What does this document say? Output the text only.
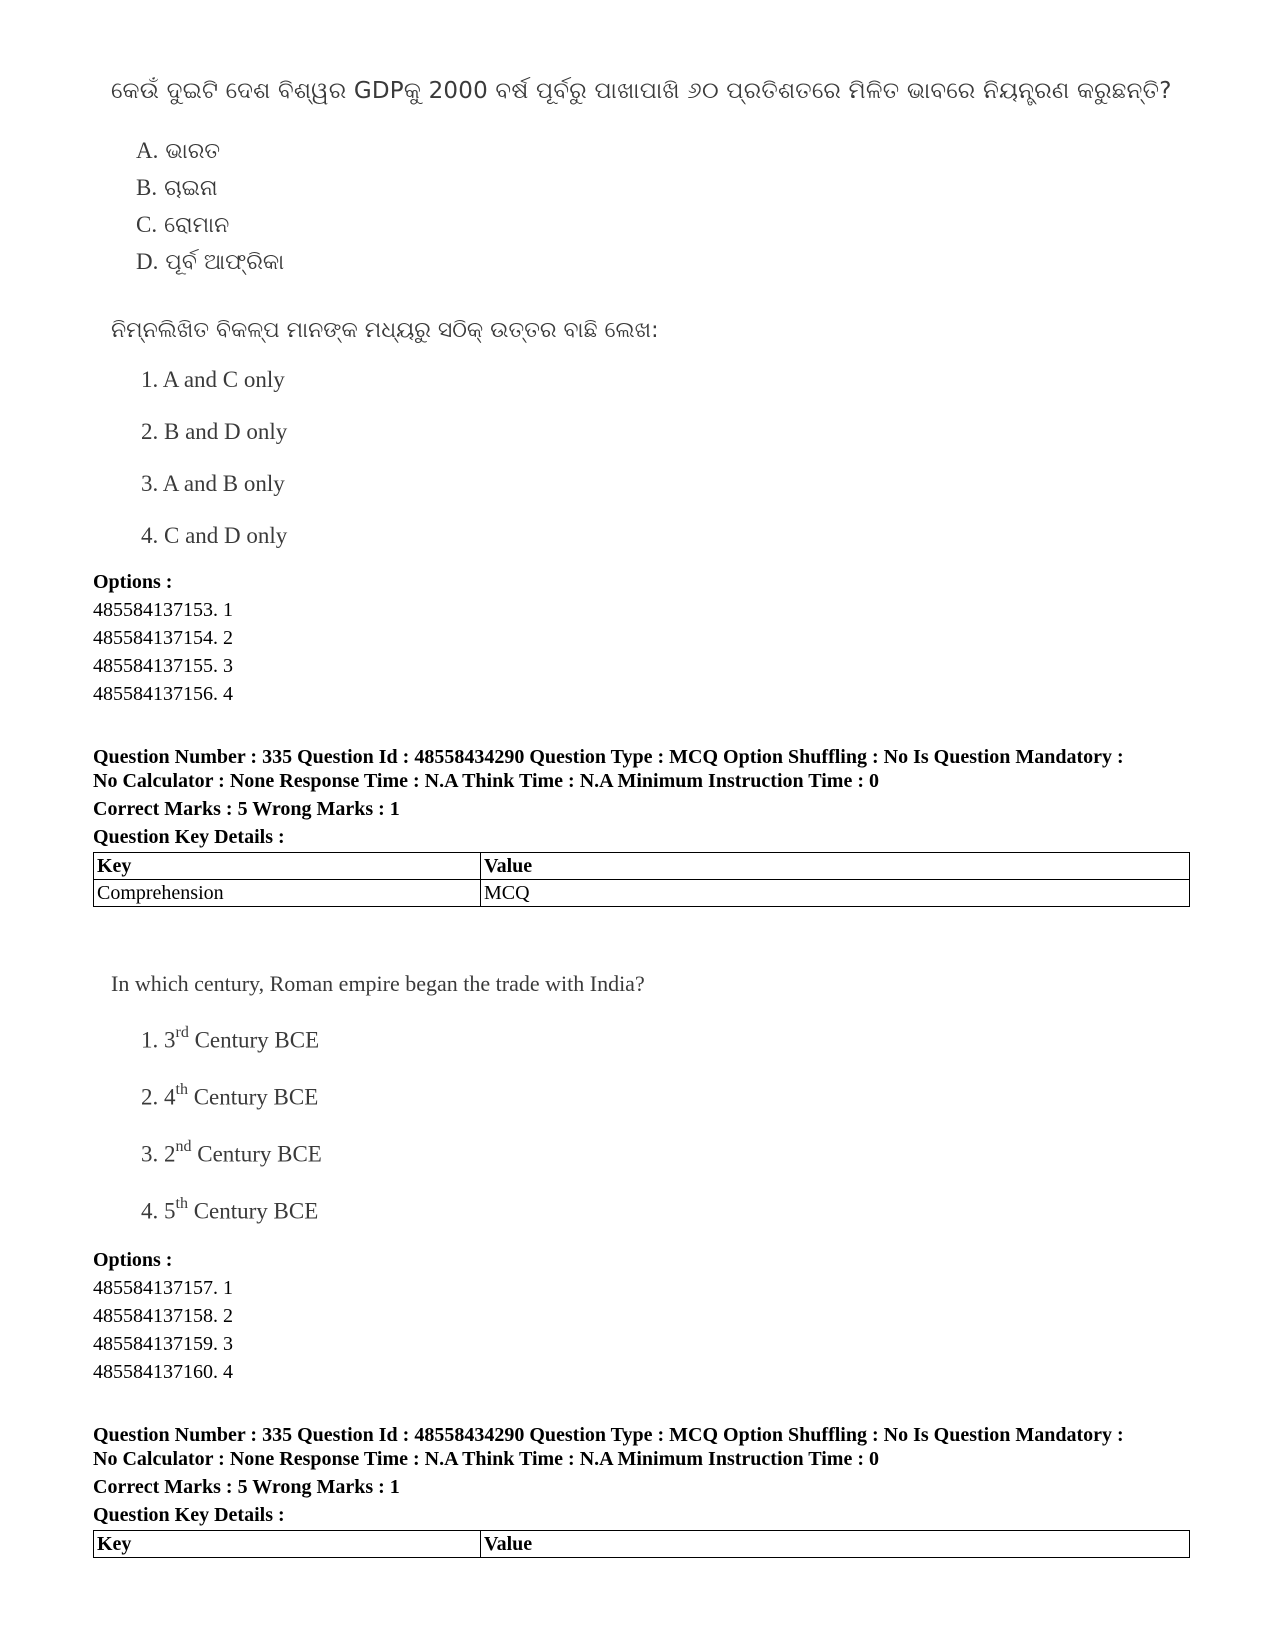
କେଉଁ ଦୁଇଟି ଦେଶ ବିଶ୍ୱର GDPକୁ 2000 ବର୍ଷ ପୂର୍ବରୁ ପାଖାପାଖି ୬୦ ପ୍ରତିଶତରେ ମିଳିତ ଭାବରେ ନିୟନ୍ତ୍ରଣ କରୁଛନ୍ତି?
A. ଭାରତ
B. ଚାଇନା
C. ରୋମାନ
D. ପୂର୍ବ ଆଫ୍ରିକା
ନିମ୍ନଲିଖିତ ବିକଳ୍ପ ମାନଙ୍କ ମଧ୍ୟରୁ ସଠିକ୍ ଉତ୍ତର ବାଛି ଲେଖ:
1. A and C only
2. B and D only
3. A and B only
4. C and D only
Options :
485584137153. 1
485584137154. 2
485584137155. 3
485584137156. 4
Question Number : 335 Question Id : 48558434290 Question Type : MCQ Option Shuffling : No Is Question Mandatory :
No Calculator : None Response Time : N.A Think Time : N.A Minimum Instruction Time : 0
Correct Marks : 5 Wrong Marks : 1
Question Key Details :
Key	Value
Comprehension	MCQ
In which century, Roman empire began the trade with India?
1. 3rd Century BCE
2. 4th Century BCE
3. 2nd Century BCE
4. 5th Century BCE
Options :
485584137157. 1
485584137158. 2
485584137159. 3
485584137160. 4
Question Number : 335 Question Id : 48558434290 Question Type : MCQ Option Shuffling : No Is Question Mandatory :
No Calculator : None Response Time : N.A Think Time : N.A Minimum Instruction Time : 0
Correct Marks : 5 Wrong Marks : 1
Question Key Details :
Key	Value
